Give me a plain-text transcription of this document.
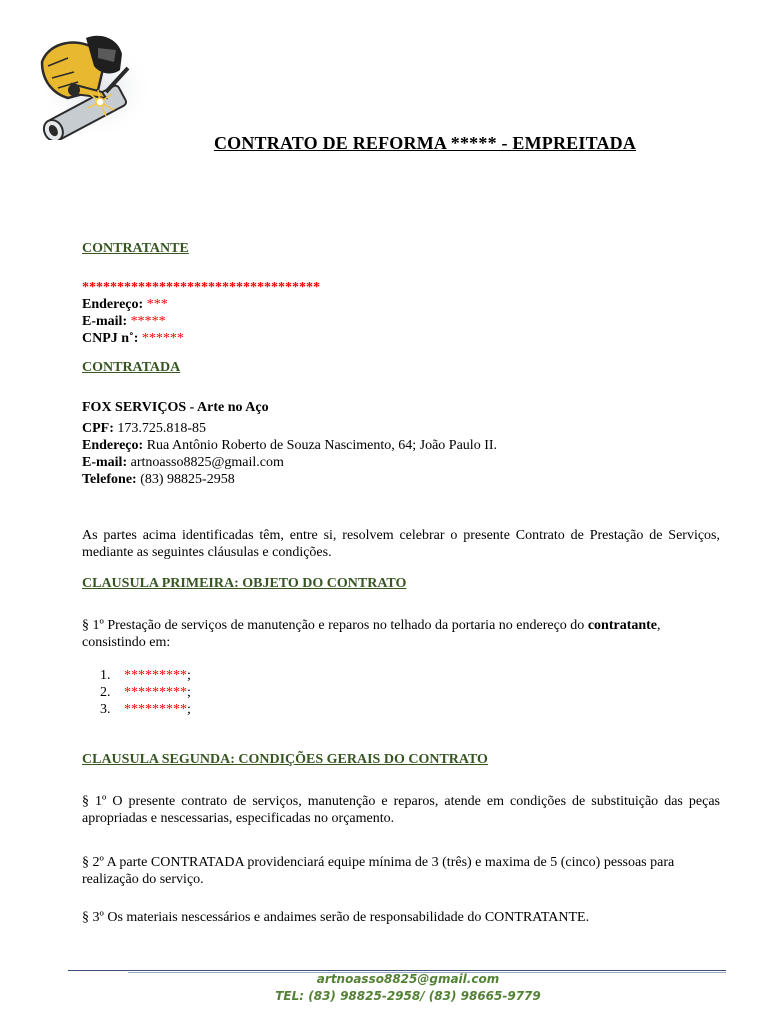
CONTRATO DE REFORMA ***** - EMPREITADA
CONTRATANTE
**********************************
Endereço: ***
E-mail: *****
CNPJ n˚: ******
CONTRATADA
FOX SERVIÇOS - Arte no Aço
CPF: 173.725.818-85
Endereço: Rua Antônio Roberto de Souza Nascimento, 64; João Paulo II.
E-mail: artnoasso8825@gmail.com
Telefone: (83) 98825-2958
As partes acima identificadas têm, entre si, resolvem celebrar o presente Contrato de Prestação de Serviços, mediante as seguintes cláusulas e condições.
CLAUSULA PRIMEIRA: OBJETO DO CONTRATO
§ 1º Prestação de serviços de manutenção e reparos no telhado da portaria no endereço do contratante, consistindo em:
1. ********* ;
2. ********* ;
3. ********* ;
CLAUSULA SEGUNDA: CONDIÇÕES GERAIS DO CONTRATO
§ 1º O presente contrato de serviços, manutenção e reparos, atende em condições de substituição das peças apropriadas e nescessarias, especificadas no orçamento.
§ 2º A parte CONTRATADA providenciará equipe mínima de 3 (três) e maxima de 5 (cinco) pessoas para realização do serviço.
§ 3º Os materiais nescessários e andaimes serão de responsabilidade do CONTRATANTE.
artnoasso8825@gmail.com
TEL: (83) 98825-2958/ (83) 98665-9779
